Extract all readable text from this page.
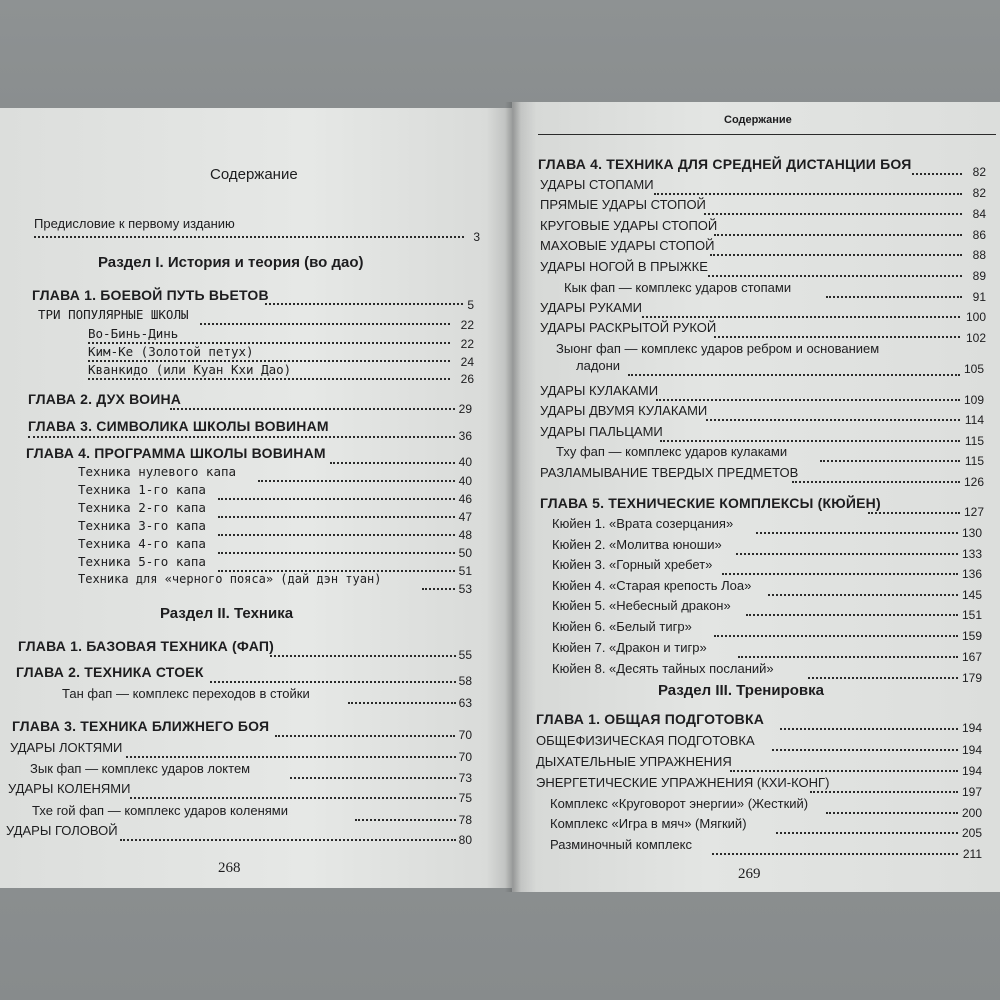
Содержание
Предисловие к первому изданию
3
Раздел I. История и теория (во дао)
ГЛАВА 1. БОЕВОЙ ПУТЬ ВЬЕТОВ
5
ТРИ ПОПУЛЯРНЫЕ ШКОЛЫ
22
Во-Бинь-Динь
22
Ким-Ке (Золотой петух)
24
Кванкидо (или Куан Кхи Дао)
26
ГЛАВА 2. ДУХ ВОИНА
29
ГЛАВА 3. СИМВОЛИКА ШКОЛЫ ВОВИНАМ
36
ГЛАВА 4. ПРОГРАММА ШКОЛЫ ВОВИНАМ
40
Техника нулевого капа
40
Техника 1-го капа
46
Техника 2-го капа
47
Техника 3-го капа
48
Техника 4-го капа
50
Техника 5-го капа
51
Техника для «черного пояса» (дай дэн туан)
53
Раздел II. Техника
ГЛАВА 1. БАЗОВАЯ ТЕХНИКА (ФАП)
55
ГЛАВА 2. ТЕХНИКА СТОЕК
58
Тан фап — комплекс переходов в стойки
63
ГЛАВА 3. ТЕХНИКА БЛИЖНЕГО БОЯ
70
УДАРЫ ЛОКТЯМИ
70
Зык фап — комплекс ударов локтем
73
УДАРЫ КОЛЕНЯМИ
75
Тхе гой фап — комплекс ударов коленями
78
УДАРЫ ГОЛОВОЙ
80
268
Содержание
ГЛАВА 4. ТЕХНИКА ДЛЯ СРЕДНЕЙ ДИСТАНЦИИ БОЯ	82
УДАРЫ СТОПАМИ
82
ПРЯМЫЕ УДАРЫ СТОПОЙ
84
КРУГОВЫЕ УДАРЫ СТОПОЙ
86
МАХОВЫЕ УДАРЫ СТОПОЙ
88
УДАРЫ НОГОЙ В ПРЫЖКЕ
89
Кык фап — комплекс ударов стопами
91
УДАРЫ РУКАМИ
100
УДАРЫ РАСКРЫТОЙ РУКОЙ
102
Зыонг фап — комплекс ударов ребром и основанием
ладони	105
УДАРЫ КУЛАКАМИ
109
УДАРЫ ДВУМЯ КУЛАКАМИ
114
УДАРЫ ПАЛЬЦАМИ
115
Тху фап — комплекс ударов кулаками
115
РАЗЛАМЫВАНИЕ ТВЕРДЫХ ПРЕДМЕТОВ
126
ГЛАВА 5. ТЕХНИЧЕСКИЕ КОМПЛЕКСЫ (КЮЙЕН)
127
Кюйен 1. «Врата созерцания»
130
Кюйен 2. «Молитва юноши»
133
Кюйен 3. «Горный хребет»
136
Кюйен 4. «Старая крепость Лоа»
145
Кюйен 5. «Небесный дракон»
151
Кюйен 6. «Белый тигр»
159
Кюйен 7. «Дракон и тигр»
167
Кюйен 8. «Десять тайных посланий»
179
Раздел III. Тренировка
ГЛАВА 1. ОБЩАЯ ПОДГОТОВКА
194
ОБЩЕФИЗИЧЕСКАЯ ПОДГОТОВКА
194
ДЫХАТЕЛЬНЫЕ УПРАЖНЕНИЯ
194
ЭНЕРГЕТИЧЕСКИЕ УПРАЖНЕНИЯ (КХИ-КОНГ)
197
Комплекс «Круговорот энергии» (Жесткий)
200
Комплекс «Игра в мяч» (Мягкий)
205
Разминочный комплекс
211
269
